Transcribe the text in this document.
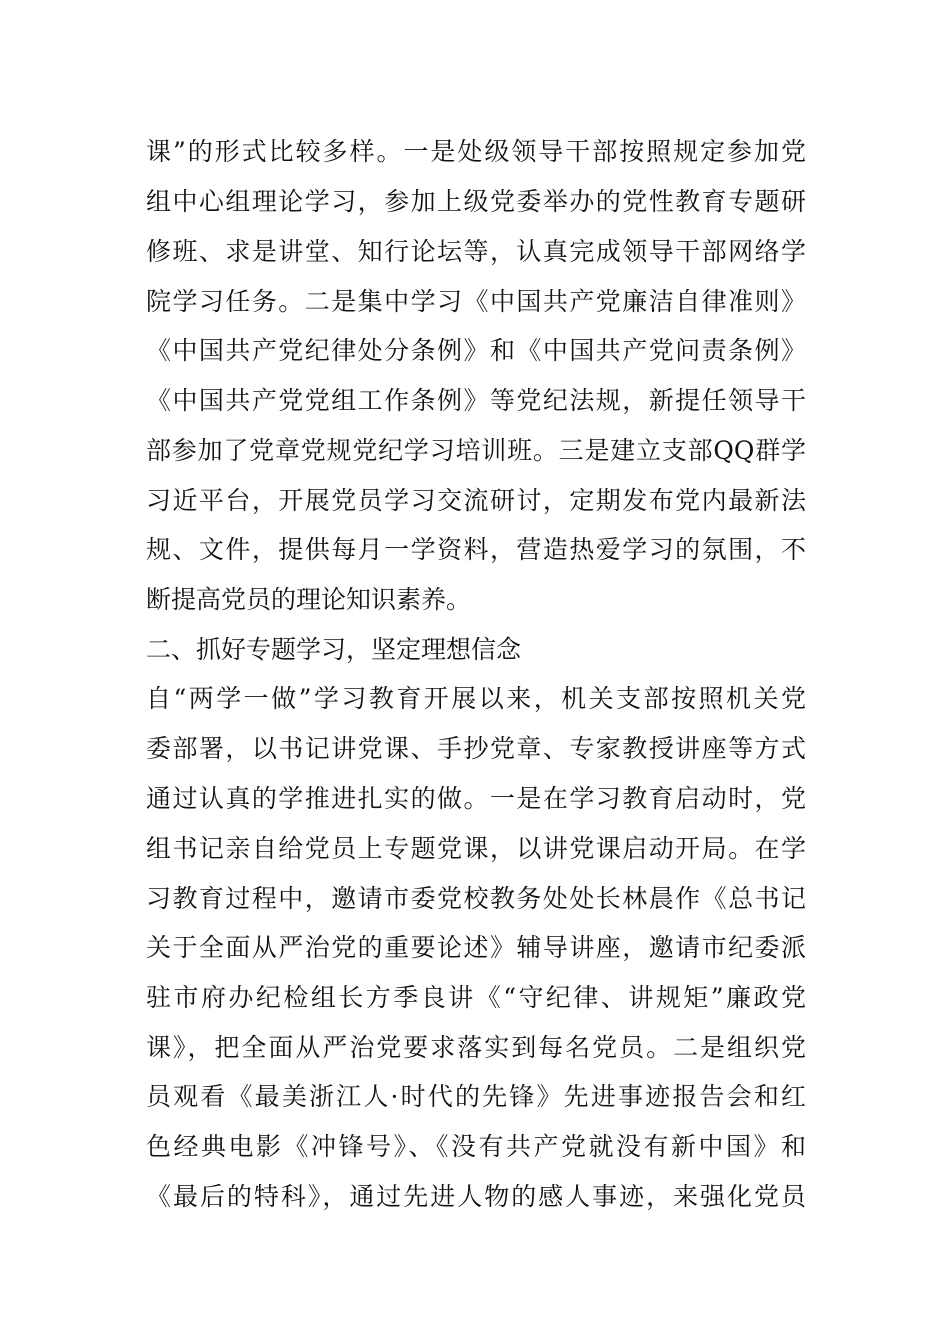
课”的形式比较多样。一是处级领导干部按照规定参加党
组中心组理论学习，参加上级党委举办的党性教育专题研
修班、求是讲堂、知行论坛等，认真完成领导干部网络学
院学习任务。二是集中学习《中国共产党廉洁自律准则》
《中国共产党纪律处分条例》和《中国共产党问责条例》
《中国共产党党组工作条例》等党纪法规，新提任领导干
部参加了党章党规党纪学习培训班。三是建立支部QQ群学
习近平台，开展党员学习交流研讨，定期发布党内最新法
规、文件，提供每月一学资料，营造热爱学习的氛围，不
断提高党员的理论知识素养。
二、抓好专题学习，坚定理想信念
自“两学一做”学习教育开展以来，机关支部按照机关党
委部署，以书记讲党课、手抄党章、专家教授讲座等方式
通过认真的学推进扎实的做。一是在学习教育启动时，党
组书记亲自给党员上专题党课，以讲党课启动开局。在学
习教育过程中，邀请市委党校教务处处长林晨作《总书记
关于全面从严治党的重要论述》辅导讲座，邀请市纪委派
驻市府办纪检组长方季良讲《“守纪律、讲规矩”廉政党
课》，把全面从严治党要求落实到每名党员。二是组织党
员观看《最美浙江人·时代的先锋》先进事迹报告会和红
色经典电影《冲锋号》、《没有共产党就没有新中国》和
《最后的特科》，通过先进人物的感人事迹，来强化党员
